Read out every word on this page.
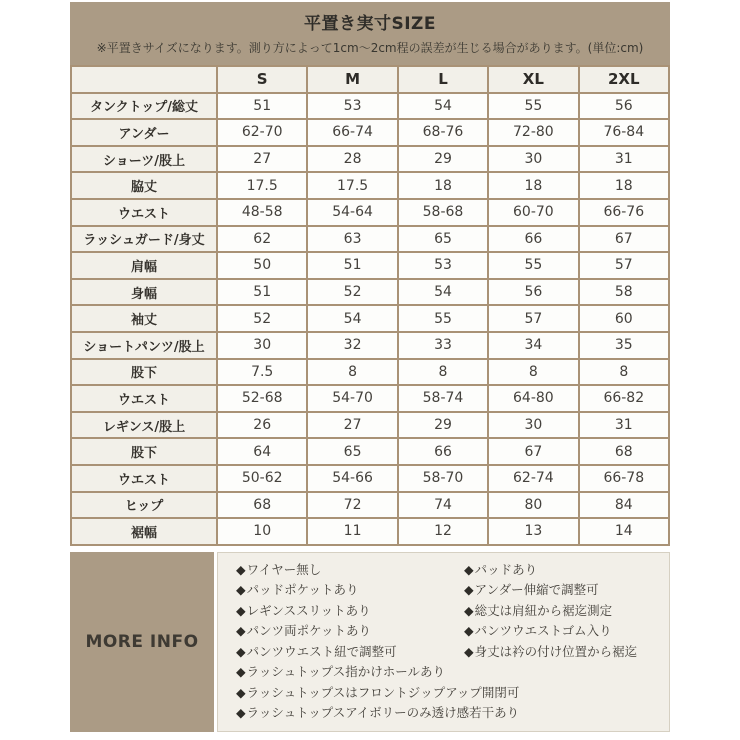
平置き実寸SIZE
※平置きサイズになります。測り方によって1cm〜2cm程の誤差が生じる場合があります。(単位:cm)
	S	M	L	XL	2XL
タンクトップ/総丈	51	53	54	55	56
アンダー	62-70	66-74	68-76	72-80	76-84
ショーツ/股上	27	28	29	30	31
脇丈	17.5	17.5	18	18	18
ウエスト	48-58	54-64	58-68	60-70	66-76
ラッシュガード/身丈	62	63	65	66	67
肩幅	50	51	53	55	57
身幅	51	52	54	56	58
袖丈	52	54	55	57	60
ショートパンツ/股上	30	32	33	34	35
股下	7.5	8	8	8	8
ウエスト	52-68	54-70	58-74	64-80	66-82
レギンス/股上	26	27	29	30	31
股下	64	65	66	67	68
ウエスト	50-62	54-66	58-70	62-74	66-78
ヒップ	68	72	74	80	84
裾幅	10	11	12	13	14
MORE INFO
◆ワイヤー無し
◆パッドポケットあり
◆レギンススリットあり
◆パンツ両ポケットあり
◆パンツウエスト紐で調整可
◆ラッシュトップス指かけホールあり
◆ラッシュトップスはフロントジップアップ開閉可
◆ラッシュトップスアイボリーのみ透け感若干あり
◆パッドあり
◆アンダー伸縮で調整可
◆総丈は肩紐から裾迄測定
◆パンツウエストゴム入り
◆身丈は衿の付け位置から裾迄
